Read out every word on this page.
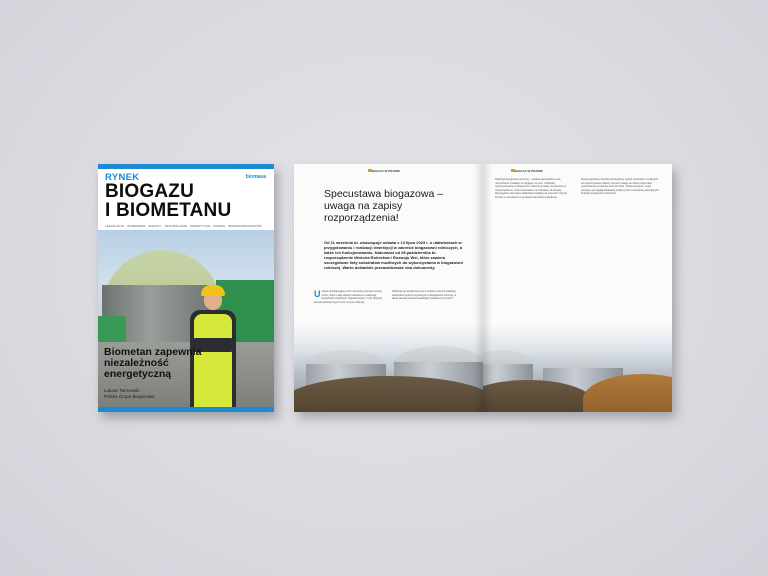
RYNEK	biomasa
BIOGAZU
I BIOMETANU
LEGISLACJA · INTERWIEW · ANALIZY · TECHNOLOGIE · INWESTYCJE · PRAWO · SPRAWOZDAWCZOŚĆ
Biometan zapewnia niezależność energetyczną
Łukasz Tarnowski
Polska Grupa Biogazowa
BIOGAZ W PRAWIE
Specustawa biogazowa – uwaga na zapisy rozporządzenia!
Od 11 września br. obowiązuje ustawa z 13 lipca 2023 r. o ułatwieniach w przygotowaniu i realizacji inwestycji w zakresie biogazowni rolniczych, a także ich funkcjonowaniu. Natomiast od 28 października br. rozporządzenie Ministra Rolnictwa i Rozwoju Wsi, które zawiera szczegółowe listy substratów możliwych do wykorzystania w biogazowni rolniczej. Warto dokładnie przeanalizować oba dokumenty.
Ustawa obowiązująca od 11 września przynosi szereg zmian, które mają ułatwić inwestorom realizację biogazowni rolniczych. Najważniejsze z nich dotyczą kwestii planistycznych oraz nowych definicji.
Definicja wprowadzona przez ustawę rozszerza katalog substratów wykorzystywanych w biogazowni rolniczej, a także określa warunki lokalizacji instalacji w gminach.
BIOGAZ W PRAWIE
Definicja biogazowni rolniczej – ustawa wprowadza nowe rozróżnienie instalacji ze względu na moc. Substraty wykorzystywane w biogazowni rolniczej zostały wymienione w rozporządzeniu. Lista substratów ma charakter zamknięty. Wymagania dotyczące lokalizacji instalacji na terenach rolnych. Zmiany w procedurze uzyskania warunków zabudowy.
Rozporządzenie określa szczegółowy wykaz substratów możliwych do wykorzystania. Należy zwrócić uwagę na zapisy dotyczące pochodzenia surowców oraz ich ilości. Podsumowanie: nowe przepisy wymagają dokładnej analizy przez inwestorów planujących budowę biogazowni rolniczych.
